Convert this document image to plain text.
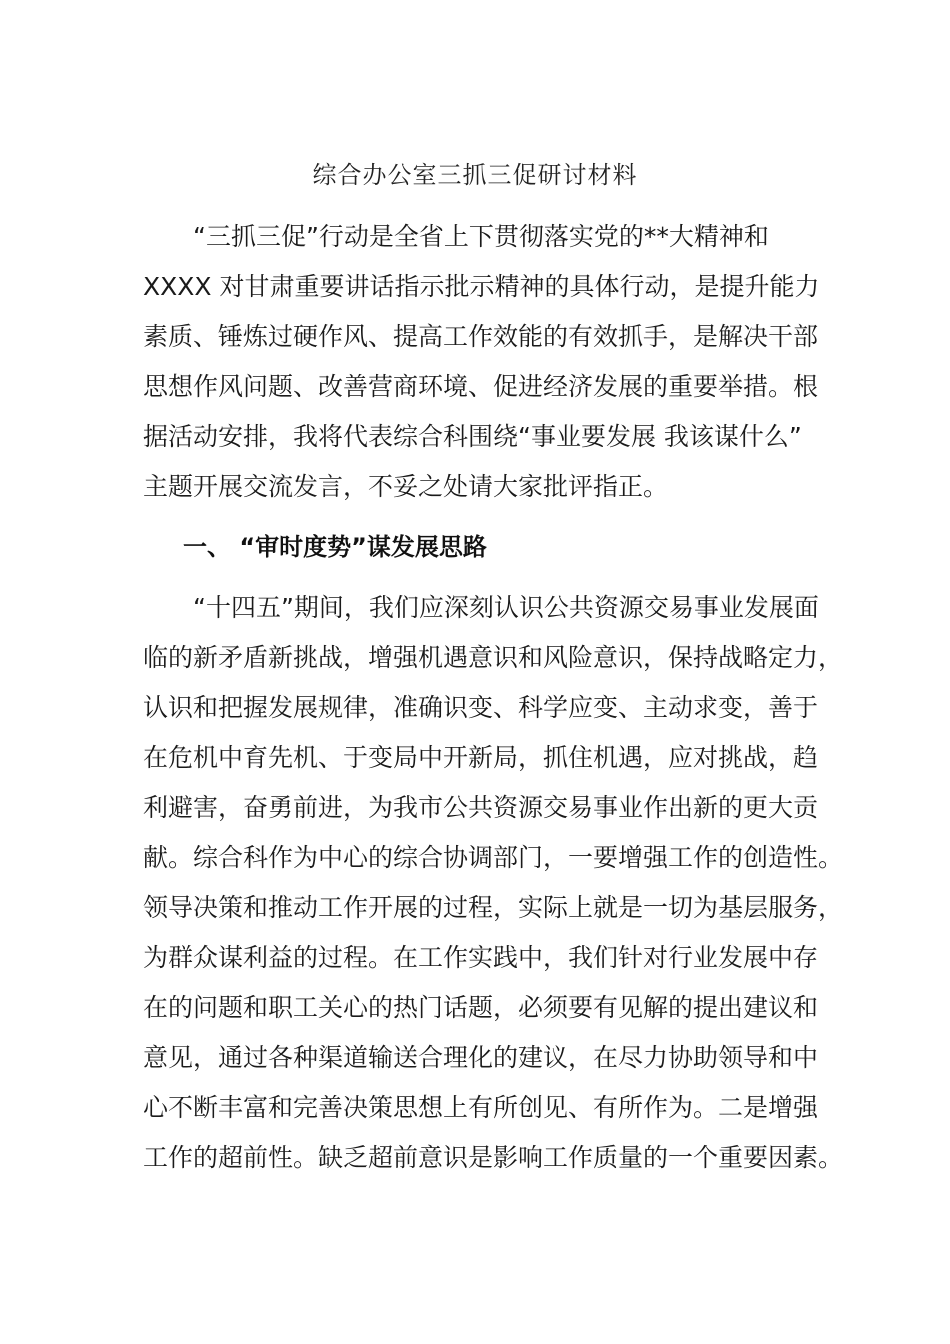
综合办公室三抓三促研讨材料

“三抓三促”行动是全省上下贯彻落实党的**大精神和
XXXX 对甘肃重要讲话指示批示精神的具体行动，是提升能力
素质、锤炼过硬作风、提高工作效能的有效抓手，是解决干部
思想作风问题、改善营商环境、促进经济发展的重要举措。根
据活动安排，我将代表综合科围绕“事业要发展 我该谋什么”
主题开展交流发言，不妥之处请大家批评指正。

一、 “审时度势”谋发展思路

“十四五”期间，我们应深刻认识公共资源交易事业发展面
临的新矛盾新挑战，增强机遇意识和风险意识，保持战略定力，
认识和把握发展规律，准确识变、科学应变、主动求变，善于
在危机中育先机、于变局中开新局，抓住机遇，应对挑战，趋
利避害，奋勇前进，为我市公共资源交易事业作出新的更大贡
献。综合科作为中心的综合协调部门，一要增强工作的创造性。
领导决策和推动工作开展的过程，实际上就是一切为基层服务，
为群众谋利益的过程。在工作实践中，我们针对行业发展中存
在的问题和职工关心的热门话题，必须要有见解的提出建议和
意见，通过各种渠道输送合理化的建议，在尽力协助领导和中
心不断丰富和完善决策思想上有所创见、有所作为。二是增强
工作的超前性。缺乏超前意识是影响工作质量的一个重要因素。
